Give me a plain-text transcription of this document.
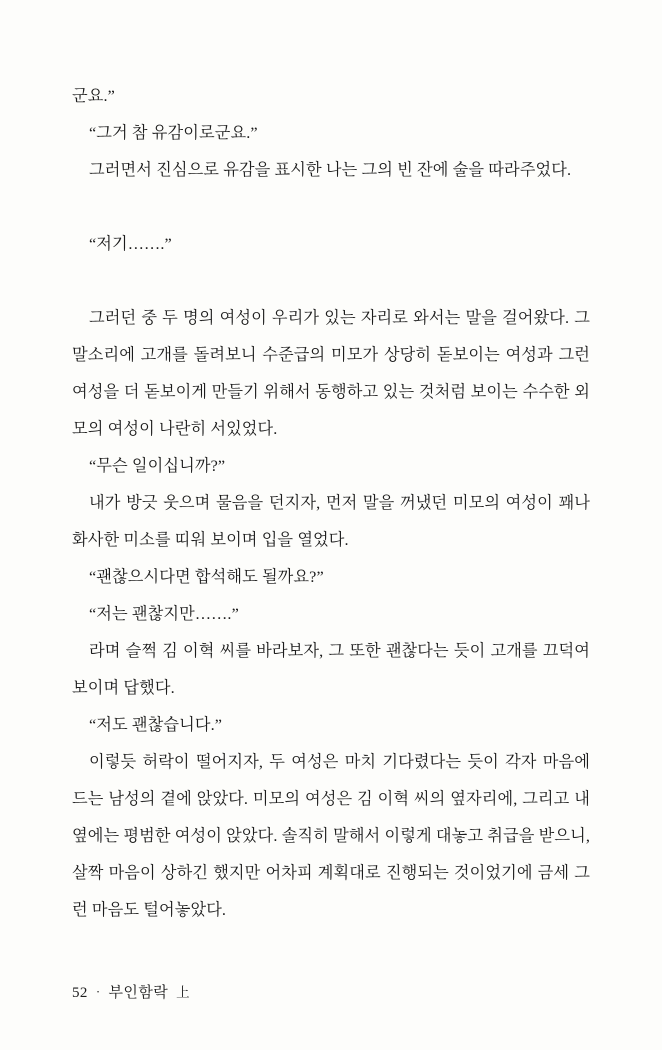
군요.”

“그거 참 유감이로군요.”

그러면서 진심으로 유감을 표시한 나는 그의 빈 잔에 술을 따라주었다.

“저기…….”

그러던 중 두 명의 여성이 우리가 있는 자리로 와서는 말을 걸어왔다. 그 말소리에 고개를 돌려보니 수준급의 미모가 상당히 돋보이는 여성과 그런 여성을 더 돋보이게 만들기 위해서 동행하고 있는 것처럼 보이는 수수한 외모의 여성이 나란히 서있었다.

“무슨 일이십니까?”

내가 방긋 웃으며 물음을 던지자, 먼저 말을 꺼냈던 미모의 여성이 꽤나 화사한 미소를 띠워 보이며 입을 열었다.

“괜찮으시다면 합석해도 될까요?”

“저는 괜찮지만…….”

라며 슬쩍 김 이혁 씨를 바라보자, 그 또한 괜찮다는 듯이 고개를 끄덕여 보이며 답했다.

“저도 괜찮습니다.”

이렇듯 허락이 떨어지자, 두 여성은 마치 기다렸다는 듯이 각자 마음에 드는 남성의 곁에 앉았다. 미모의 여성은 김 이혁 씨의 옆자리에, 그리고 내 옆에는 평범한 여성이 앉았다. 솔직히 말해서 이렇게 대놓고 취급을 받으니, 살짝 마음이 상하긴 했지만 어차피 계획대로 진행되는 것이었기에 금세 그런 마음도 털어놓았다.

52 · 부인함락 上
